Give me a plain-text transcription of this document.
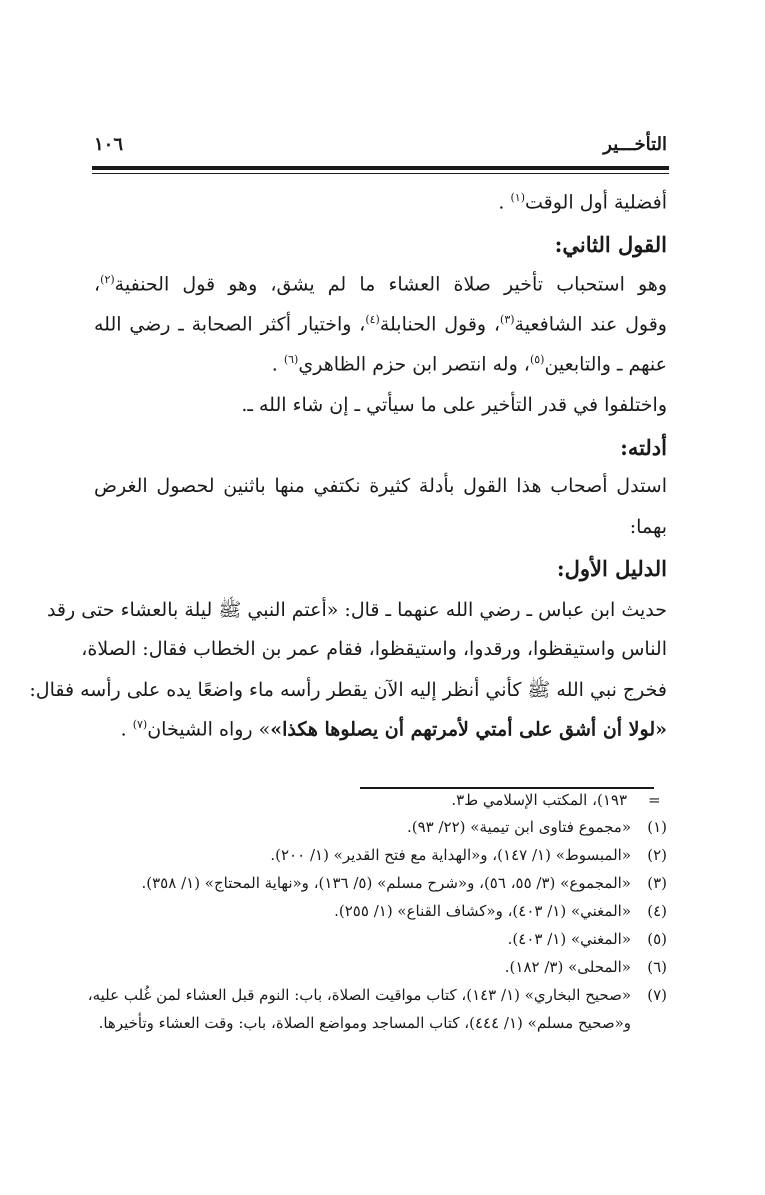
١٠٦	التأخـــير
أفضلية أول الوقت$^{(١)}$ .
القول الثاني:
وهو استحباب تأخير صلاة العشاء ما لم يشق، وهو قول الحنفية$^{(٢)}$،
وقول عند الشافعية$^{(٣)}$، وقول الحنابلة$^{(٤)}$، واختيار أكثر الصحابة ـ رضي الله
عنهم ـ والتابعين$^{(٥)}$، وله انتصر ابن حزم الظاهري$^{(٦)}$ .
واختلفوا في قدر التأخير على ما سيأتي ـ إن شاء الله ـ.
أدلته:
استدل أصحاب هذا القول بأدلة كثيرة نكتفي منها باثنين لحصول الغرض
بهما:
الدليل الأول:
حديث ابن عباس ـ رضي الله عنهما ـ قال: «أعتم النبي ﷺ ليلة بالعشاء حتى رقد
الناس واستيقظوا، ورقدوا، واستيقظوا، فقام عمر بن الخطاب فقال: الصلاة،
فخرج نبي الله ﷺ كأني أنظر إليه الآن يقطر رأسه ماء واضعًا يده على رأسه فقال:
«لولا أن أشق على أمتي لأمرتهم أن يصلوها هكذا»» رواه الشيخان$^{(٧)}$ .
=
١٩٣)، المكتب الإسلامي ط٣.
(١)«مجموع فتاوى ابن تيمية» (٢٢/ ٩٣).
(٢)«المبسوط» (١/ ١٤٧)، و«الهداية مع فتح القدير» (١/ ٢٠٠).
(٣)«المجموع» (٣/ ٥٥، ٥٦)، و«شرح مسلم» (٥/ ١٣٦)، و«نهاية المحتاج» (١/ ٣٥٨).
(٤)«المغني» (١/ ٤٠٣)، و«كشاف القناع» (١/ ٢٥٥).
(٥)«المغني» (١/ ٤٠٣).
(٦)«المحلى» (٣/ ١٨٢).
(٧)«صحيح البخاري» (١/ ١٤٣)، كتاب مواقيت الصلاة، باب: النوم قبل العشاء لمن غُلب عليه،
و«صحيح مسلم» (١/ ٤٤٤)، كتاب المساجد ومواضع الصلاة، باب: وقت العشاء وتأخيرها.
